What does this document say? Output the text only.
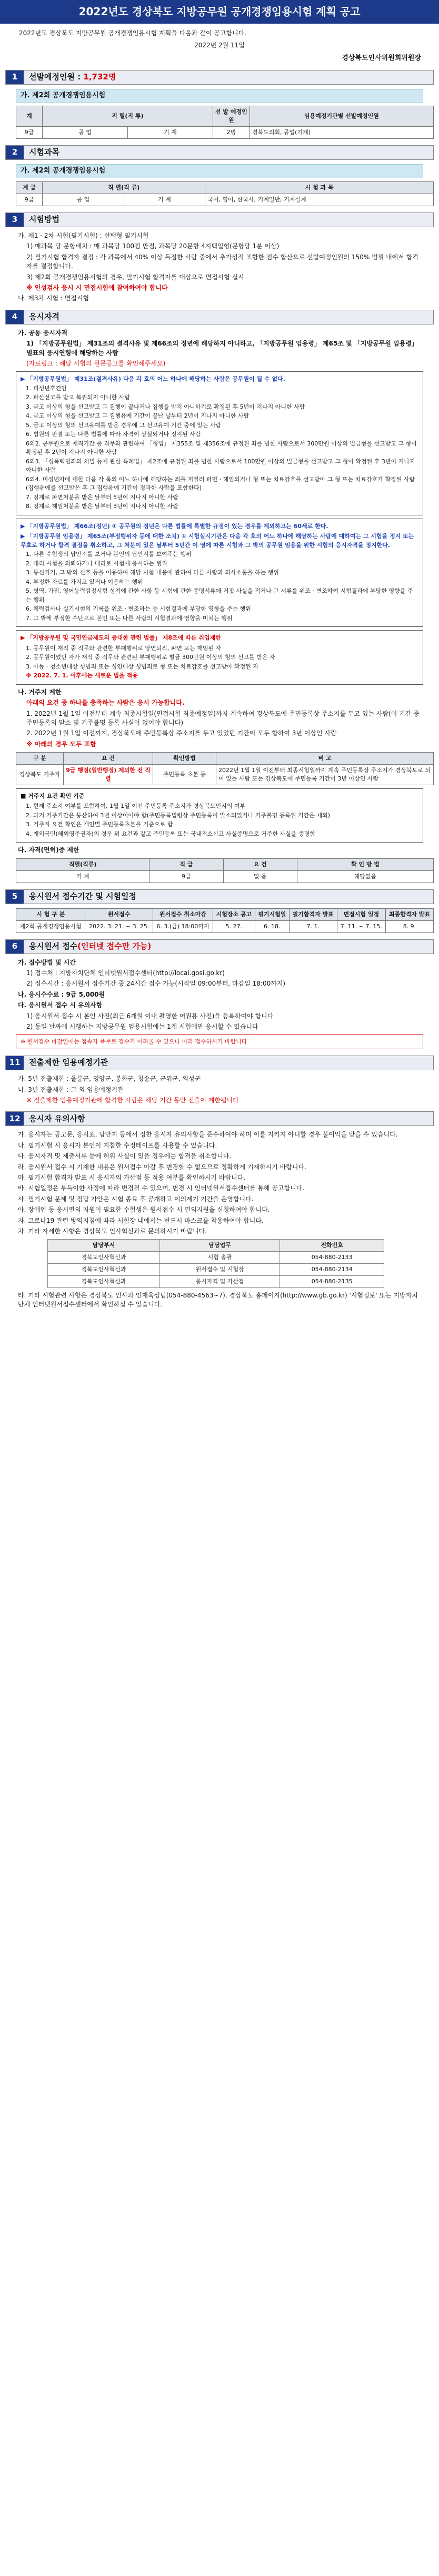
2022년도 경상북도 지방공무원 공개경쟁임용시험 계획 공고
2022년도 경상북도 지방공무원 공개경쟁임용시험 계획을 다음과 같이 공고합니다.
2022년 2월 11일
경상북도인사위원회위원장
1	선발예정인원 :
1,732명
가. 제2회 공개경쟁임용시험
계	직 렬(직 류)		선 발 예정인원	임용예정기관별 선발예정인원
9급	공 업	기 계	2명	경북도의회, 공업(기계)
2	시험과목
가. 제2회 공개경쟁임용시험
계 급	직 렬(직 류)		시 험 과 목
9급	공 업	기 계	국어, 영어, 한국사, 기계일반, 기계설계
3	시험방법
가. 제1 · 2차 시험(필기시험) : 선택형 필기시험
1) 매과목 당 문항배치 : 매 과목당 100점 만점, 과목당 20문항 4지택일형(문항당 1분 이상)
2) 필기시험 합격자 결정 : 각 과목에서 40% 이상 득점한 사람 중에서 추가성적 포함한 점수 합산으로 선발예정인원의 150% 범위 내에서 합격자를 결정합니다.
3) 제2회 공개경쟁임용시험의 경우, 필기시험 합격자를 대상으로 면접시험 실시
※ 인성검사 응시 시 면접시험에 참여하여야 합니다
나. 제3차 시험 : 면접시험
4	응시자격
가. 공통 응시자격
1) 「지방공무원법」 제31조의 결격사유 및 제66조의 정년에 해당하지 아니하고, 「지방공무원 임용령」 제65조 및 「지방공무원 임용령」 별표의 응시연령에 해당하는 사람
(자료링크 : 해당 시험의 원문공고를 확인해주세요)
▶ 「지방공무원법」 제31조(결격사유) 다음 각 호의 어느 하나에 해당하는 사람은 공무원이 될 수 없다.
1. 피성년후견인
2. 파산선고를 받고 복권되지 아니한 사람
3. 금고 이상의 형을 선고받고 그 집행이 끝나거나 집행을 받지 아니하기로 확정된 후 5년이 지나지 아니한 사람
4. 금고 이상의 형을 선고받고 그 집행유예 기간이 끝난 날부터 2년이 지나지 아니한 사람
5. 금고 이상의 형의 선고유예를 받은 경우에 그 선고유예 기간 중에 있는 사람
6. 법원의 판결 또는 다른 법률에 따라 자격이 상실되거나 정지된 사람
6의2. 공무원으로 재직기간 중 직무와 관련하여 「형법」 제355조 및 제356조에 규정된 죄를 범한 사람으로서 300만원 이상의 벌금형을 선고받고 그 형이 확정된 후 2년이 지나지 아니한 사람
6의3. 「성폭력범죄의 처벌 등에 관한 특례법」 제2조에 규정된 죄를 범한 사람으로서 100만원 이상의 벌금형을 선고받고 그 형이 확정된 후 3년이 지나지 아니한 사람
6의4. 미성년자에 대한 다음 각 목의 어느 하나에 해당하는 죄를 저질러 파면 · 해임되거나 형 또는 치료감호를 선고받아 그 형 또는 치료감호가 확정된 사람(집행유예를 선고받은 후 그 집행유예 기간이 경과한 사람을 포함한다)
7. 징계로 파면처분을 받은 날부터 5년이 지나지 아니한 사람
8. 징계로 해임처분을 받은 날부터 3년이 지나지 아니한 사람
▶ 「지방공무원법」 제66조(정년) ① 공무원의 정년은 다른 법률에 특별한 규정이 있는 경우를 제외하고는 60세로 한다.
▶ 「지방공무원 임용령」 제65조(부정행위자 등에 대한 조치) ① 시험실시기관은 다음 각 호의 어느 하나에 해당하는 사람에 대하여는 그 시험을 정지 또는 무효로 하거나 합격 결정을 취소하고, 그 처분이 있은 날부터 5년간 이 영에 따른 시험과 그 밖의 공무원 임용을 위한 시험의 응시자격을 정지한다.
1. 다른 수험생의 답안지를 보거나 본인의 답안지를 보여주는 행위
2. 대리 시험을 의뢰하거나 대리로 시험에 응시하는 행위
3. 통신기기, 그 밖의 신호 등을 이용하여 해당 시험 내용에 관하여 다른 사람과 의사소통을 하는 행위
4. 부정한 자료를 가지고 있거나 이용하는 행위
5. 병역, 가점, 영어능력검정시험 성적에 관한 사항 등 시험에 관한 증명서류에 거짓 사실을 적거나 그 서류를 위조 · 변조하여 시험결과에 부당한 영향을 주는 행위
6. 체력검사나 실기시험의 기록을 위조 · 변조하는 등 시험결과에 부당한 영향을 주는 행위
7. 그 밖에 부정한 수단으로 본인 또는 다른 사람의 시험결과에 영향을 미치는 행위
▶ 「지방공무원 및 국민연금제도의 중대한 관련 법률」 제8조에 따른 취업제한
1. 공무원이 재직 중 직무와 관련한 부패행위로 당연퇴직, 파면 또는 해임된 자
2. 공무원이었던 자가 재직 중 직무와 관련된 부패행위로 벌금 300만원 이상의 형의 선고를 받은 자
3. 아동 · 청소년대상 성범죄 또는 성인대상 성범죄로 형 또는 치료감호를 선고받아 확정된 자
※ 2022. 7. 1. 이후에는 새로운 법을 적용
나. 거주지 제한
아래의 요건 중 하나를 충족하는 사람은 응시 가능합니다.
1. 2022년 1월 1일 이전부터 계속 최종시험일(면접시험 최종예정일)까지 계속하여 경상북도에 주민등록상 주소지를 두고 있는 사람(이 기간 중 주민등록의 말소 및 거주불명 등록 사실이 없어야 합니다)
2. 2022년 1월 1일 이전까지, 경상북도에 주민등록상 주소지를 두고 있었던 기간이 모두 합하여 3년 이상인 사람
※ 아래의 경우 모두 포함
구 분	요 건	확인방법	비 고
경상북도 거주자	9급 행정(일반행정) 제외한 전 직렬	주민등록 초본 등	2022년 1월 1일 이전부터 최종시험일까지 계속 주민등록상 주소지가 경상북도로 되어 있는 사람 또는 경상북도에 주민등록 기간이 3년 이상인 사람
■ 거주지 요건 확인 기준
1. 현재 주소지 여부를 포함하여, 1월 1일 이전 주민등록 주소지가 경상북도인지의 여부
2. 과거 거주기간은 통산하여 3년 이상이어야 함(주민등록법령상 주민등록이 말소되었거나 거주불명 등록된 기간은 제외)
3. 거주지 요건 확인은 개인별 주민등록초본을 기준으로 함
4. 재외국민(해외영주권자)의 경우 위 요건과 같고 주민등록 또는 국내거소신고 사실증명으로 거주한 사실을 증명함
다. 자격(면허)증 제한
직렬(직류)	직 급	요 건	확 인 방 법
기 계	9급	없 음	해당없음
5	응시원서 접수기간 및 시험일정
시 험 구 분	원서접수	원서접수 취소마감	시험장소 공고	필기시험일	필기합격자 발표	면접시험 일정	최종합격자 발표
제2회 공개경쟁임용시험	2022. 3. 21. ~ 3. 25.	6. 3.(금) 18:00까지	5. 27.	6. 18.	7. 1.	7. 11. ~ 7. 15.	8. 9.
6	응시원서 접수 (인터넷 접수만 가능)
가. 접수방법 및 시간
1) 접수처 : 지방자치단체 인터넷원서접수센터(http://local.gosi.go.kr)
2) 접수시간 : 응시원서 접수기간 중 24시간 접수 가능(시작일 09:00부터, 마감일 18:00까지)
나. 응시수수료 : 9급 5,000원
다. 응시원서 접수 시 유의사항
1) 응시원서 접수 시 본인 사진(최근 6개월 이내 촬영한 여권용 사진)을 등록하여야 합니다
2) 동일 날짜에 시행하는 지방공무원 임용시험에는 1개 시험에만 응시할 수 있습니다
※ 원서접수 마감일에는 접속자 폭주로 접수가 어려울 수 있으니 미리 접수하시기 바랍니다
11	전출제한 임용예정기관
가. 5년 전출제한 : 울릉군, 영양군, 봉화군, 청송군, 군위군, 의성군
나. 3년 전출제한 : 그 외 임용예정기관
※ 전출제한 임용예정기관에 합격한 사람은 해당 기간 동안 전출이 제한됩니다
12	응시자 유의사항
가. 응시자는 공고문, 응시표, 답안지 등에서 정한 응시자 유의사항을 준수하여야 하며 이를 지키지 아니할 경우 불이익을 받을 수 있습니다.
나. 필기시험 시 응시자 본인이 지참한 수정테이프를 사용할 수 있습니다.
다. 응시자격 및 제출서류 등에 허위 사실이 있을 경우에는 합격을 취소합니다.
라. 응시원서 접수 시 기재한 내용은 원서접수 마감 후 변경할 수 없으므로 정확하게 기재하시기 바랍니다.
마. 필기시험 합격자 발표 시 응시자의 가산점 등 적용 여부를 확인하시기 바랍니다.
바. 시험일정은 부득이한 사정에 따라 변경될 수 있으며, 변경 시 인터넷원서접수센터를 통해 공고합니다.
사. 필기시험 문제 및 정답 가안은 시험 종료 후 공개하고 이의제기 기간을 운영합니다.
아. 장애인 등 응시편의 지원이 필요한 수험생은 원서접수 시 편의지원을 신청하여야 합니다.
자. 코로나19 관련 방역지침에 따라 시험장 내에서는 반드시 마스크를 착용하여야 합니다.
차. 기타 자세한 사항은 경상북도 인사혁신과로 문의하시기 바랍니다.
담당부서	담당업무	전화번호
경북도인사혁신과	시험 총괄	054-880-2133
경북도인사혁신과	원서접수 및 시험장	054-880-2134
경북도인사혁신과	응시자격 및 가산점	054-880-2135
타. 기타 시험관련 사항은 경상북도 인사과 인재육성팀(054-880-4563~7), 경상북도 홈페이지(http://www.gb.go.kr) '시험정보' 또는 지방자치단체 인터넷원서접수센터에서 확인하실 수 있습니다.
